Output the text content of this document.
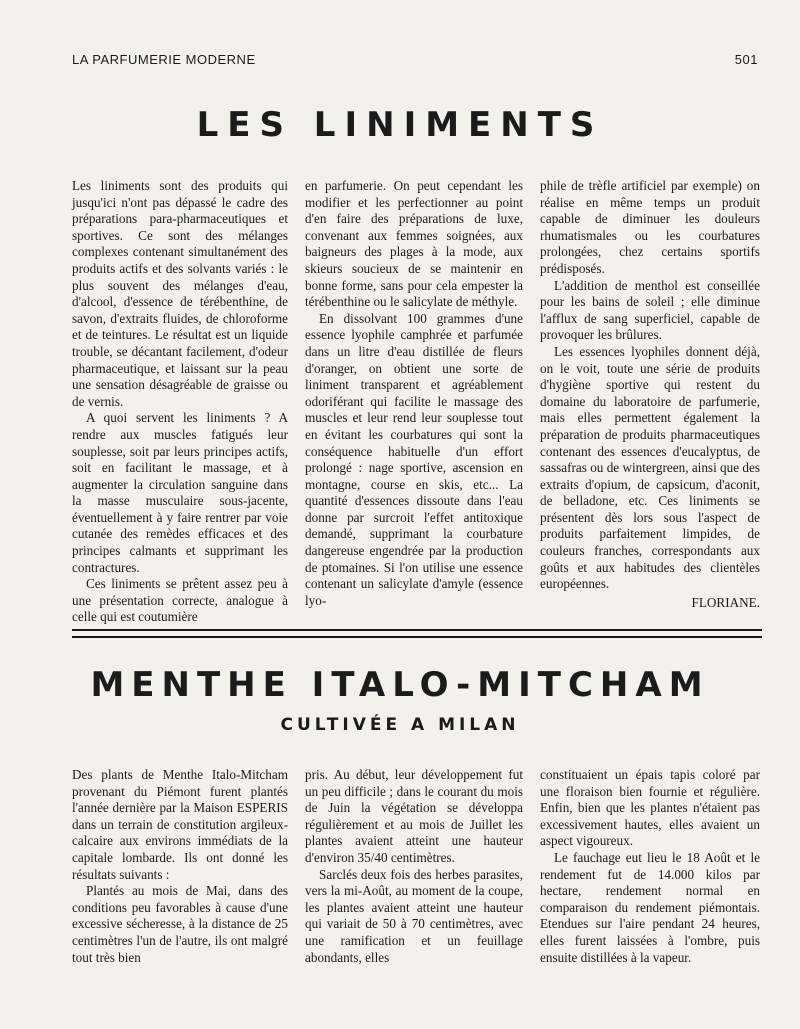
LA PARFUMERIE MODERNE	501
LES LINIMENTS

Les liniments sont des produits qui jusqu'ici n'ont pas dépassé le cadre des préparations para-pharmaceutiques et sportives. Ce sont des mélanges complexes contenant simultanément des produits actifs et des solvants variés : le plus souvent des mélanges d'eau, d'alcool, d'essence de térébenthine, de savon, d'extraits fluides, de chloroforme et de teintures. Le résultat est un liquide trouble, se décantant facilement, d'odeur pharmaceutique, et laissant sur la peau une sensation désagréable de graisse ou de vernis.

A quoi servent les liniments ? A rendre aux muscles fatigués leur souplesse, soit par leurs principes actifs, soit en facilitant le massage, et à augmenter la circulation sanguine dans la masse musculaire sous-jacente, éventuellement à y faire rentrer par voie cutanée des remèdes efficaces et des principes calmants et supprimant les contractures.

Ces liniments se prêtent assez peu à une présentation correcte, analogue à celle qui est coutumière

en parfumerie. On peut cependant les modifier et les perfectionner au point d'en faire des préparations de luxe, convenant aux femmes soignées, aux baigneurs des plages à la mode, aux skieurs soucieux de se maintenir en bonne forme, sans pour cela empester la térébenthine ou le salicylate de méthyle.

En dissolvant 100 grammes d'une essence lyophile camphrée et parfumée dans un litre d'eau distillée de fleurs d'oranger, on obtient une sorte de liniment transparent et agréablement odoriférant qui facilite le massage des muscles et leur rend leur souplesse tout en évitant les courbatures qui sont la conséquence habituelle d'un effort prolongé : nage sportive, ascension en montagne, course en skis, etc... La quantité d'essences dissoute dans l'eau donne par surcroit l'effet antitoxique demandé, supprimant la courbature dangereuse engendrée par la production de ptomaines. Si l'on utilise une essence contenant un salicylate d'amyle (essence lyo-

phile de trèfle artificiel par exemple) on réalise en même temps un produit capable de diminuer les douleurs rhumatismales ou les courbatures prolongées, chez certains sportifs prédisposés.

L'addition de menthol est conseillée pour les bains de soleil ; elle diminue l'afflux de sang superficiel, capable de provoquer les brûlures.

Les essences lyophiles donnent déjà, on le voit, toute une série de produits d'hygiène sportive qui restent du domaine du laboratoire de parfumerie, mais elles permettent également la préparation de produits pharmaceutiques contenant des essences d'eucalyptus, de sassafras ou de wintergreen, ainsi que des extraits d'opium, de capsicum, d'aconit, de belladone, etc. Ces liniments se présentent dès lors sous l'aspect de produits parfaitement limpides, de couleurs franches, correspondants aux goûts et aux habitudes des clientèles européennes.

FLORIANE.
MENTHE ITALO-MITCHAM
CULTIVÉE A MILAN

Des plants de Menthe Italo-Mitcham provenant du Piémont furent plantés l'année dernière par la Maison ESPERIS dans un terrain de constitution argileux-calcaire aux environs immédiats de la capitale lombarde. Ils ont donné les résultats suivants :

Plantés au mois de Mai, dans des conditions peu favorables à cause d'une excessive sécheresse, à la distance de 25 centimètres l'un de l'autre, ils ont malgré tout très bien

pris. Au début, leur développement fut un peu difficile ; dans le courant du mois de Juin la végétation se développa régulièrement et au mois de Juillet les plantes avaient atteint une hauteur d'environ 35/40 centimètres.

Sarclés deux fois des herbes parasites, vers la mi-Août, au moment de la coupe, les plantes avaient atteint une hauteur qui variait de 50 à 70 centimètres, avec une ramification et un feuillage abondants, elles

constituaient un épais tapis coloré par une floraison bien fournie et régulière. Enfin, bien que les plantes n'étaient pas excessivement hautes, elles avaient un aspect vigoureux.

Le fauchage eut lieu le 18 Août et le rendement fut de 14.000 kilos par hectare, rendement normal en comparaison du rendement piémontais. Etendues sur l'aire pendant 24 heures, elles furent laissées à l'ombre, puis ensuite distillées à la vapeur.
